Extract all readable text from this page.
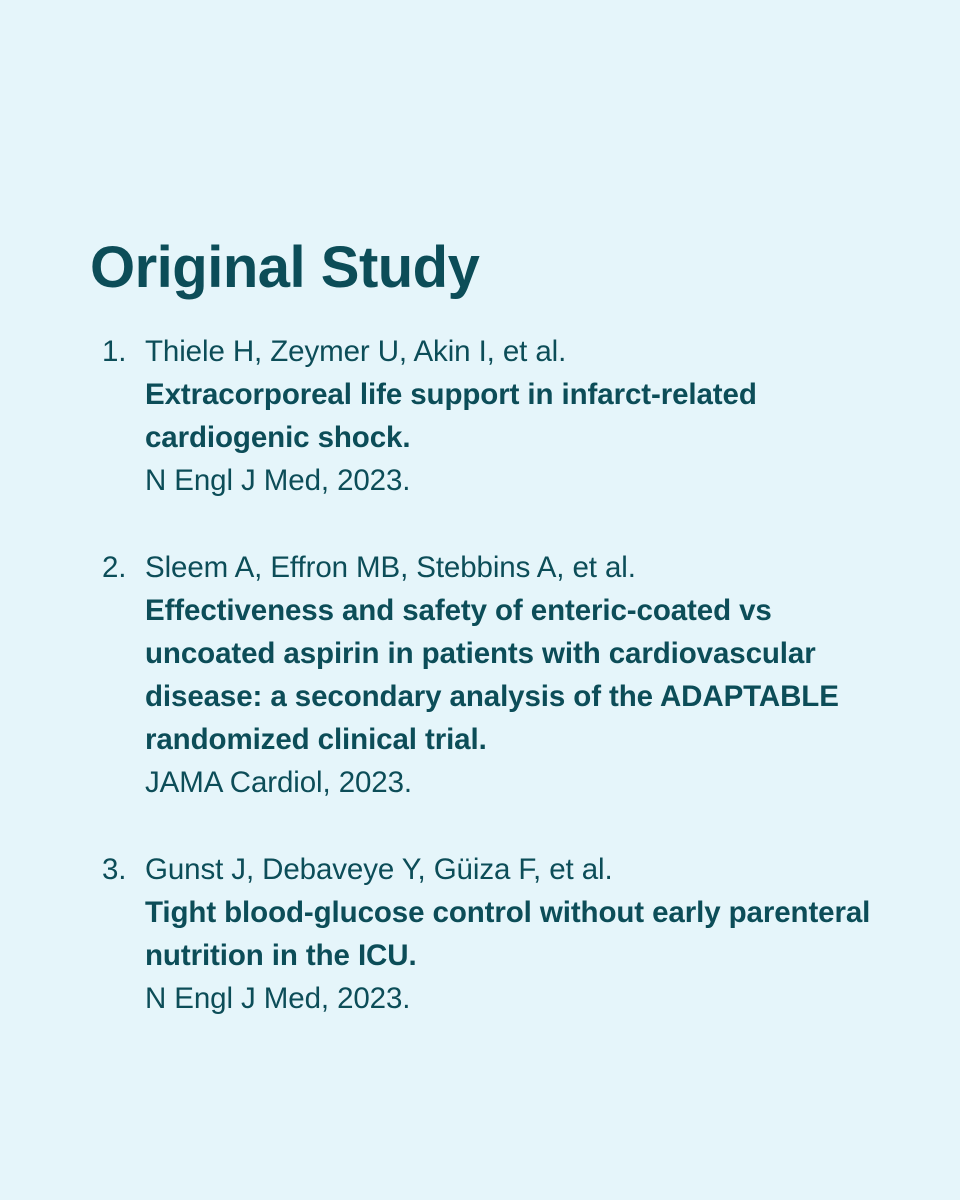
Original Study
1. Thiele H, Zeymer U, Akin I, et al.
Extracorporeal life support in infarct-related cardiogenic shock.
N Engl J Med, 2023.
2. Sleem A, Effron MB, Stebbins A, et al.
Effectiveness and safety of enteric-coated vs uncoated aspirin in patients with cardiovascular disease: a secondary analysis of the ADAPTABLE randomized clinical trial.
JAMA Cardiol, 2023.
3. Gunst J, Debaveye Y, Güiza F, et al.
Tight blood-glucose control without early parenteral nutrition in the ICU.
N Engl J Med, 2023.
